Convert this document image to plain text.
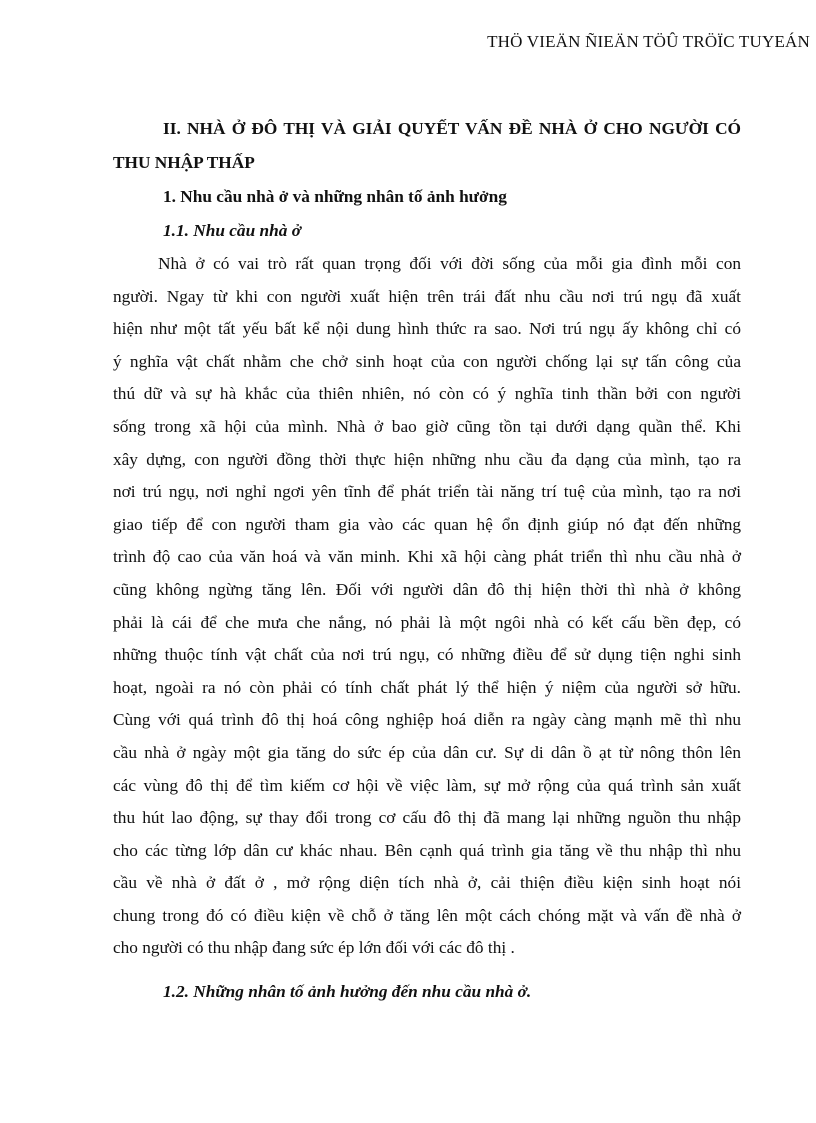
THÖ VIEÄN ÑIEÄN TÖÛ TRÖÏC TUYEÁN

II. NHÀ Ở ĐÔ THỊ VÀ GIẢI QUYẾT VẤN ĐỀ NHÀ Ở CHO NGƯỜI CÓ THU NHẬP THẤP

1. Nhu cầu nhà ở và những nhân tố ảnh hưởng

1.1. Nhu cầu nhà ở

Nhà ở có vai trò rất quan trọng đối với đời sống của mỗi gia đình mỗi con
người. Ngay từ khi con người xuất hiện trên trái đất nhu cầu nơi trú ngụ đã xuất
hiện như một tất yếu bất kể nội dung hình thức ra sao. Nơi trú ngụ ấy không chỉ có
ý nghĩa vật chất nhằm che chở sinh hoạt của con người chống lại sự tấn công của
thú dữ và sự hà khắc của thiên nhiên, nó còn có ý nghĩa tinh thần bởi con người
sống trong xã hội của mình. Nhà ở bao giờ cũng tồn tại dưới dạng quần thể. Khi
xây dựng, con người đồng thời thực hiện những nhu cầu đa dạng của mình, tạo ra
nơi trú ngụ, nơi nghỉ ngơi yên tĩnh để phát triển tài năng trí tuệ của mình, tạo ra nơi
giao tiếp để con người tham gia vào các quan hệ ổn định giúp nó đạt đến những
trình độ cao của văn hoá và văn minh. Khi xã hội càng phát triển thì nhu cầu nhà ở
cũng không ngừng tăng lên. Đối với người dân đô thị hiện thời thì nhà ở không
phải là cái để che mưa che nắng, nó phải là một ngôi nhà có kết cấu bền đẹp, có
những thuộc tính vật chất của nơi trú ngụ, có những điều để sử dụng tiện nghi sinh
hoạt, ngoài ra nó còn phải có tính chất phát lý thể hiện ý niệm của người sở hữu.
Cùng với quá trình đô thị hoá công nghiệp hoá diễn ra ngày càng mạnh mẽ thì nhu
cầu nhà ở ngày một gia tăng do sức ép của dân cư. Sự di dân ồ ạt từ nông thôn lên
các vùng đô thị để tìm kiếm cơ hội về việc làm, sự mở rộng của quá trình sản xuất
thu hút lao động, sự thay đổi trong cơ cấu đô thị đã mang lại những nguồn thu nhập
cho các từng lớp dân cư khác nhau. Bên cạnh quá trình gia tăng về thu nhập thì nhu
cầu về nhà ở đất ở , mở rộng diện tích nhà ở, cải thiện điều kiện sinh hoạt nói
chung trong đó có điều kiện về chỗ ở tăng lên một cách chóng mặt và vấn đề nhà ở
cho người có thu nhập đang sức ép lớn đối với các đô thị .

1.2. Những nhân tố ảnh hưởng đến nhu cầu nhà ở.
